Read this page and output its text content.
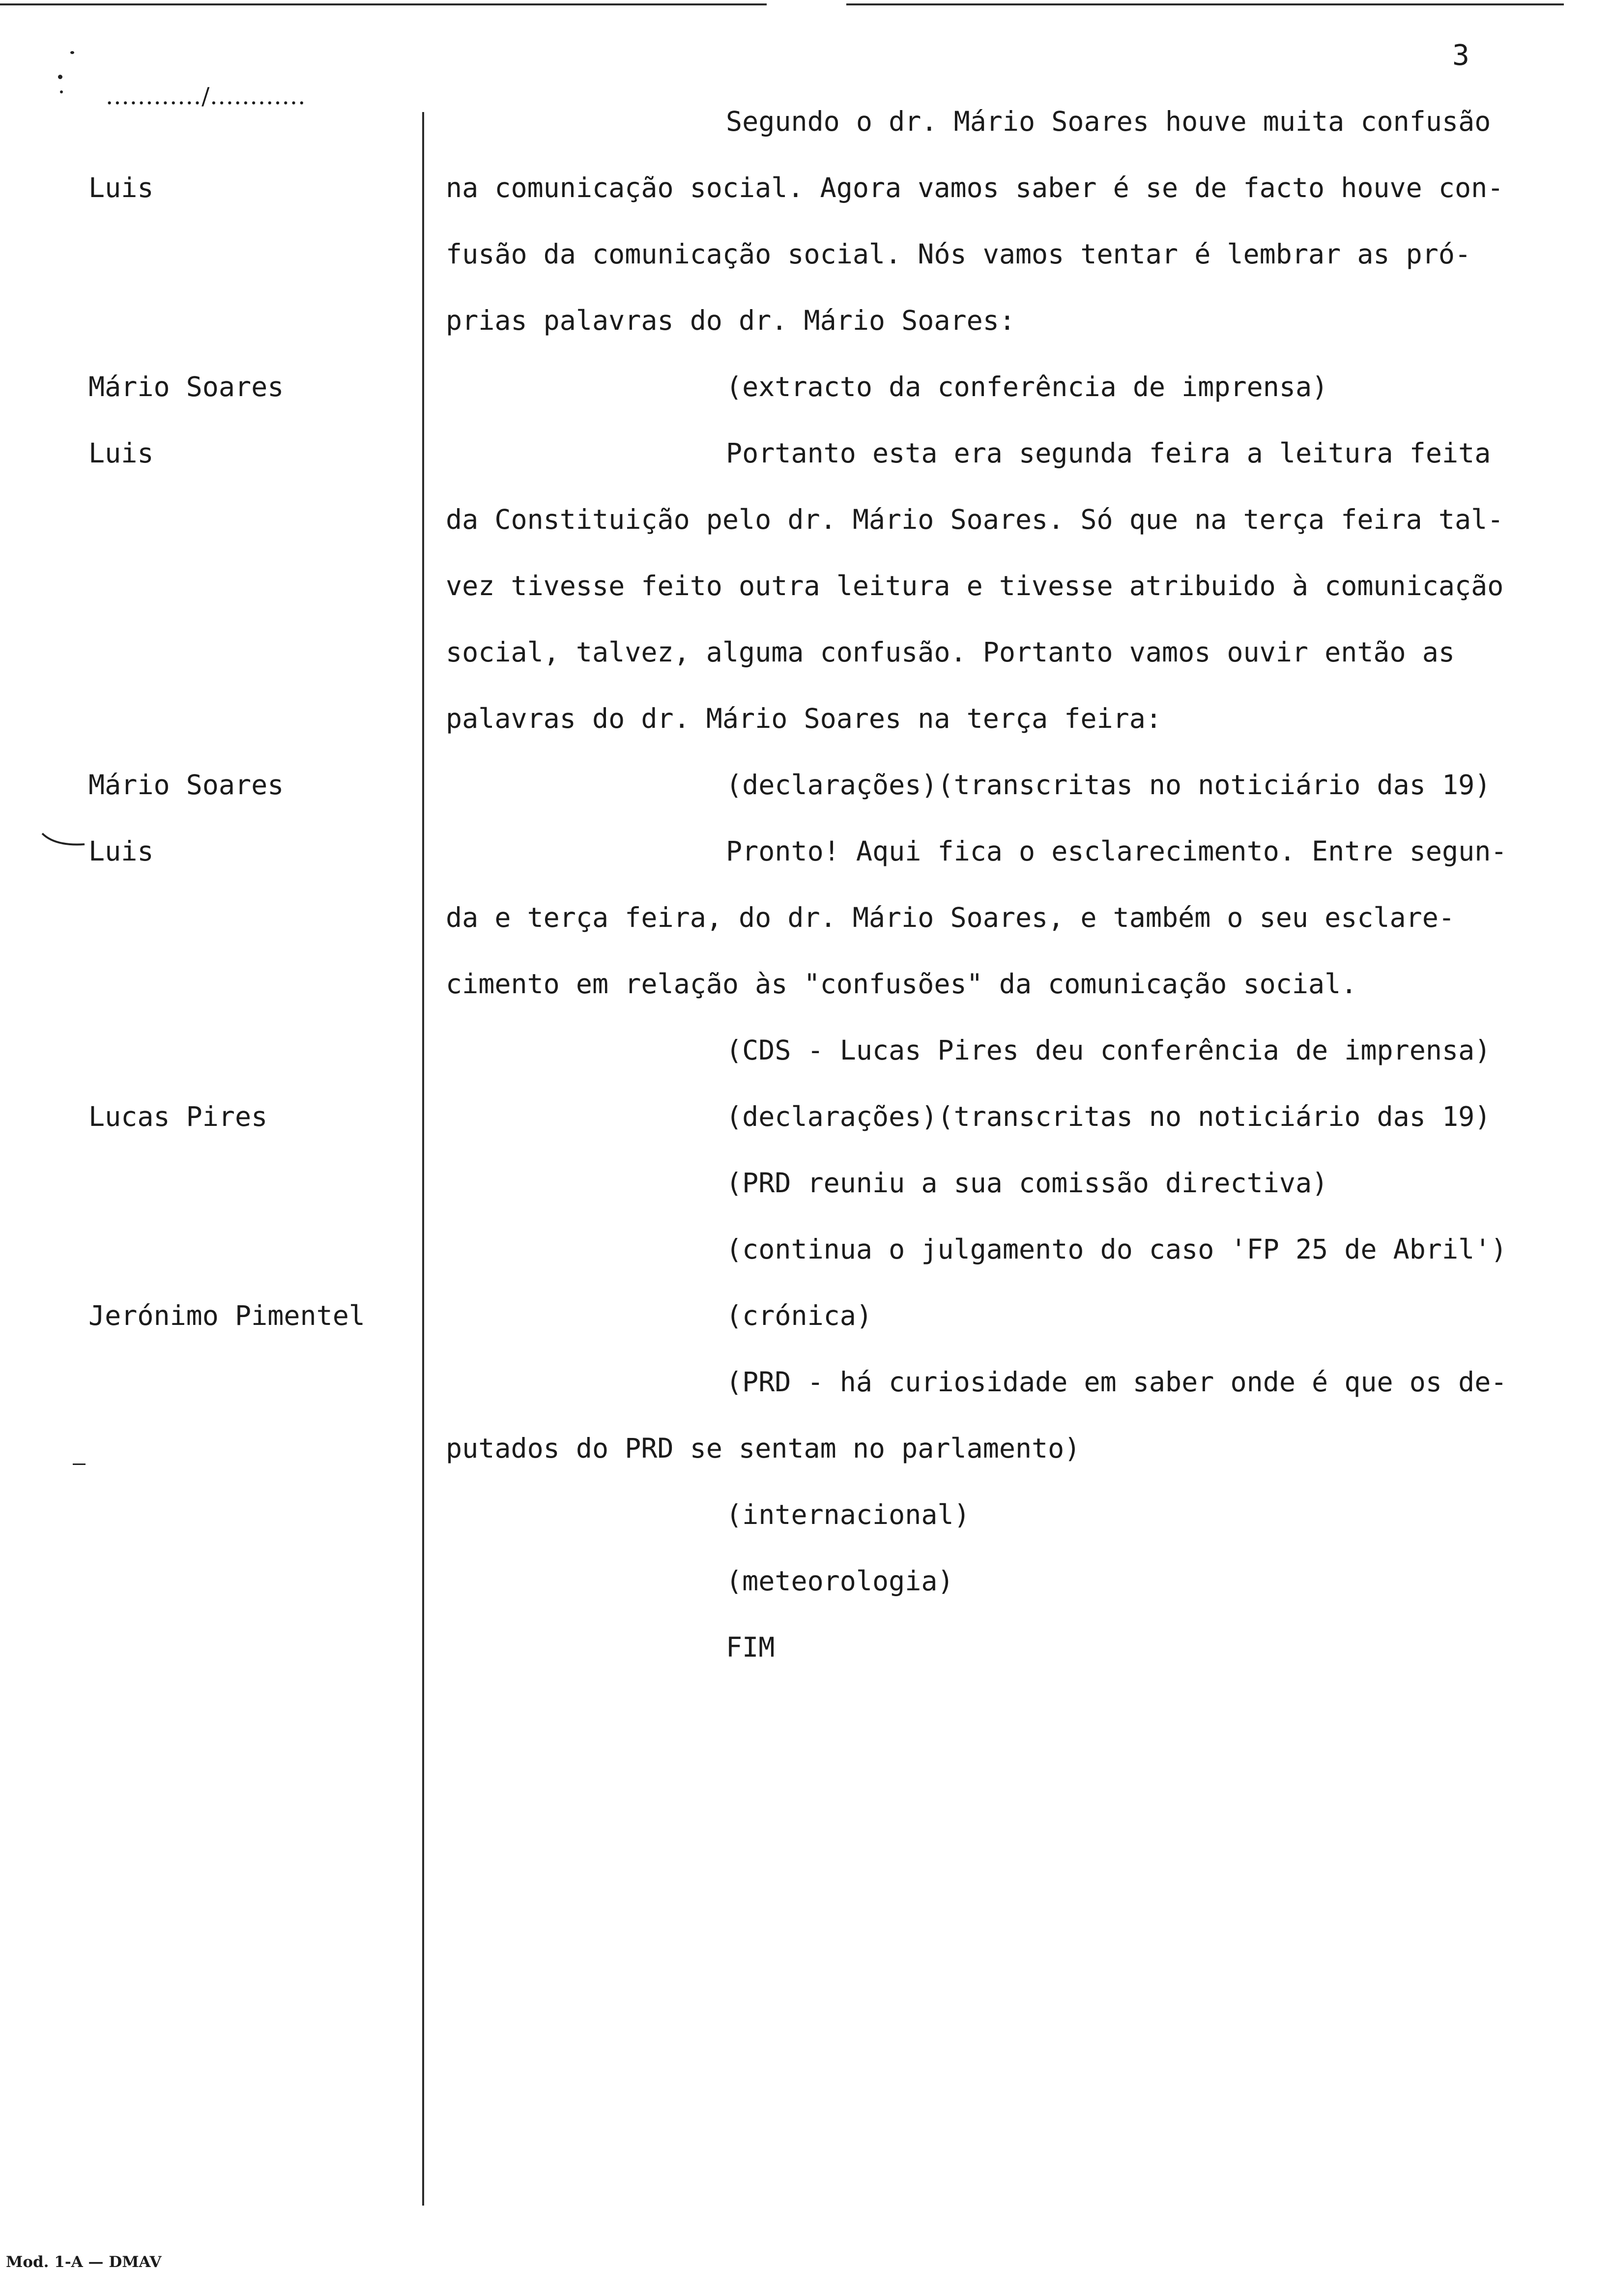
3
............/............
Luis
Mário Soares
Luis
Mário Soares
Luis
Lucas Pires
Jerónimo Pimentel
Segundo o dr. Mário Soares houve muita confusão
na comunicação social. Agora vamos saber é se de facto houve con-
fusão da comunicação social. Nós vamos tentar é lembrar as pró-
prias palavras do dr. Mário Soares:
(extracto da conferência de imprensa)
Portanto esta era segunda feira a leitura feita
da Constituição pelo dr. Mário Soares. Só que na terça feira tal-
vez tivesse feito outra leitura e tivesse atribuido à comunicação
social, talvez, alguma confusão. Portanto vamos ouvir então as
palavras do dr. Mário Soares na terça feira:
(declarações)(transcritas no noticiário das 19)
Pronto! Aqui fica o esclarecimento. Entre segun-
da e terça feira, do dr. Mário Soares, e também o seu esclare-
cimento em relação às "confusões" da comunicação social.
(CDS - Lucas Pires deu conferência de imprensa)
(declarações)(transcritas no noticiário das 19)
(PRD reuniu a sua comissão directiva)
(continua o julgamento do caso 'FP 25 de Abril')
(crónica)
(PRD - há curiosidade em saber onde é que os de-
putados do PRD se sentam no parlamento)
(internacional)
(meteorologia)
FIM
Mod. 1-A — DMAV
